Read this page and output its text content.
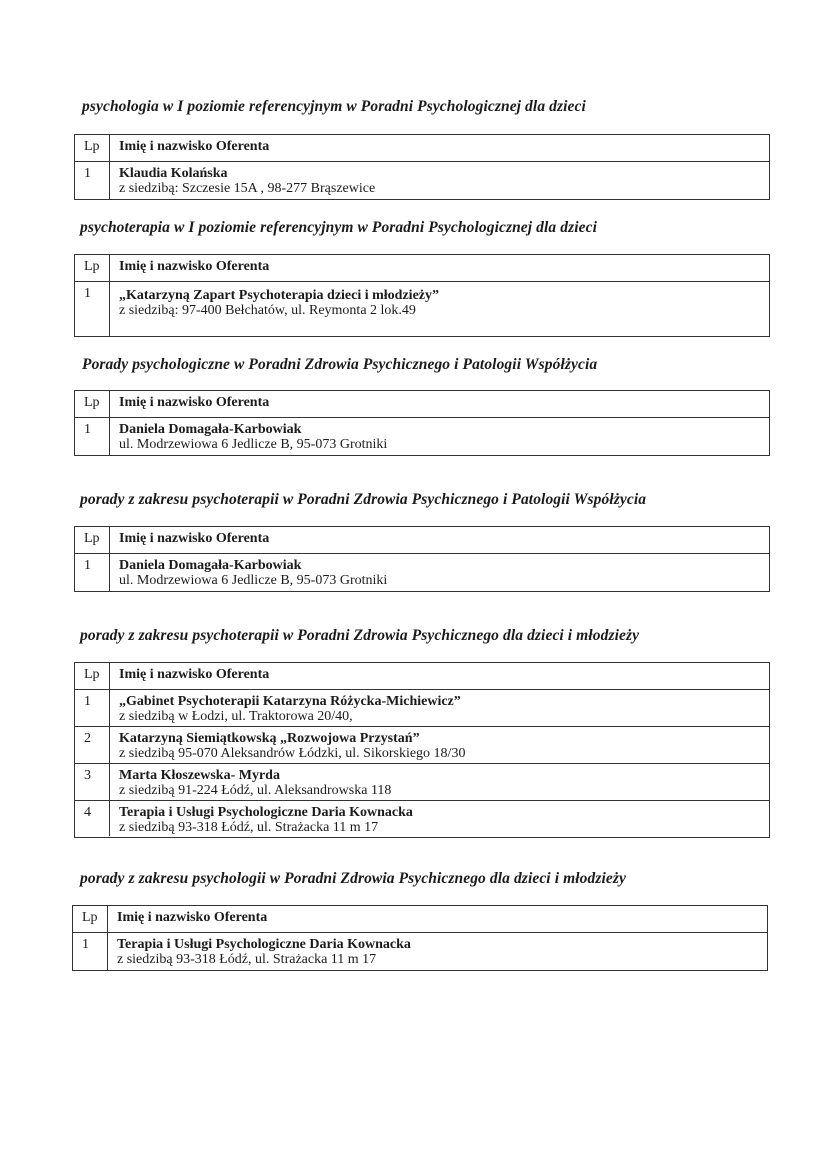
psychologia w I poziomie referencyjnym w Poradni Psychologicznej dla dzieci
Lp	Imię i nazwisko Oferenta
1	Klaudia Kolańska
z siedzibą: Szczesie 15A , 98-277 Brąszewice
psychoterapia w I poziomie referencyjnym w Poradni Psychologicznej dla dzieci
Lp	Imię i nazwisko Oferenta
1	„Katarzyną Zapart Psychoterapia dzieci i młodzieży”
z siedzibą: 97-400 Bełchatów, ul. Reymonta 2 lok.49
Porady psychologiczne w Poradni Zdrowia Psychicznego i Patologii Współżycia
Lp	Imię i nazwisko Oferenta
1	Daniela Domagała-Karbowiak
ul. Modrzewiowa 6 Jedlicze B, 95-073 Grotniki
porady z zakresu psychoterapii w Poradni Zdrowia Psychicznego i Patologii Współżycia
Lp	Imię i nazwisko Oferenta
1	Daniela Domagała-Karbowiak
ul. Modrzewiowa 6 Jedlicze B, 95-073 Grotniki
porady z zakresu psychoterapii w Poradni Zdrowia Psychicznego dla dzieci i młodzieży
Lp	Imię i nazwisko Oferenta
1	„Gabinet Psychoterapii Katarzyna Różycka-Michiewicz”
z siedzibą w Łodzi, ul. Traktorowa 20/40,
2	Katarzyną Siemiątkowską „Rozwojowa Przystań”
z siedzibą 95-070 Aleksandrów Łódzki, ul. Sikorskiego 18/30
3	Marta Kłoszewska- Myrda
z siedzibą 91-224 Łódź, ul. Aleksandrowska 118
4	Terapia i Usługi Psychologiczne Daria Kownacka
z siedzibą 93-318 Łódź, ul. Strażacka 11 m 17
porady z zakresu psychologii w Poradni Zdrowia Psychicznego dla dzieci i młodzieży
Lp	Imię i nazwisko Oferenta
1	Terapia i Usługi Psychologiczne Daria Kownacka
z siedzibą 93-318 Łódź, ul. Strażacka 11 m 17
